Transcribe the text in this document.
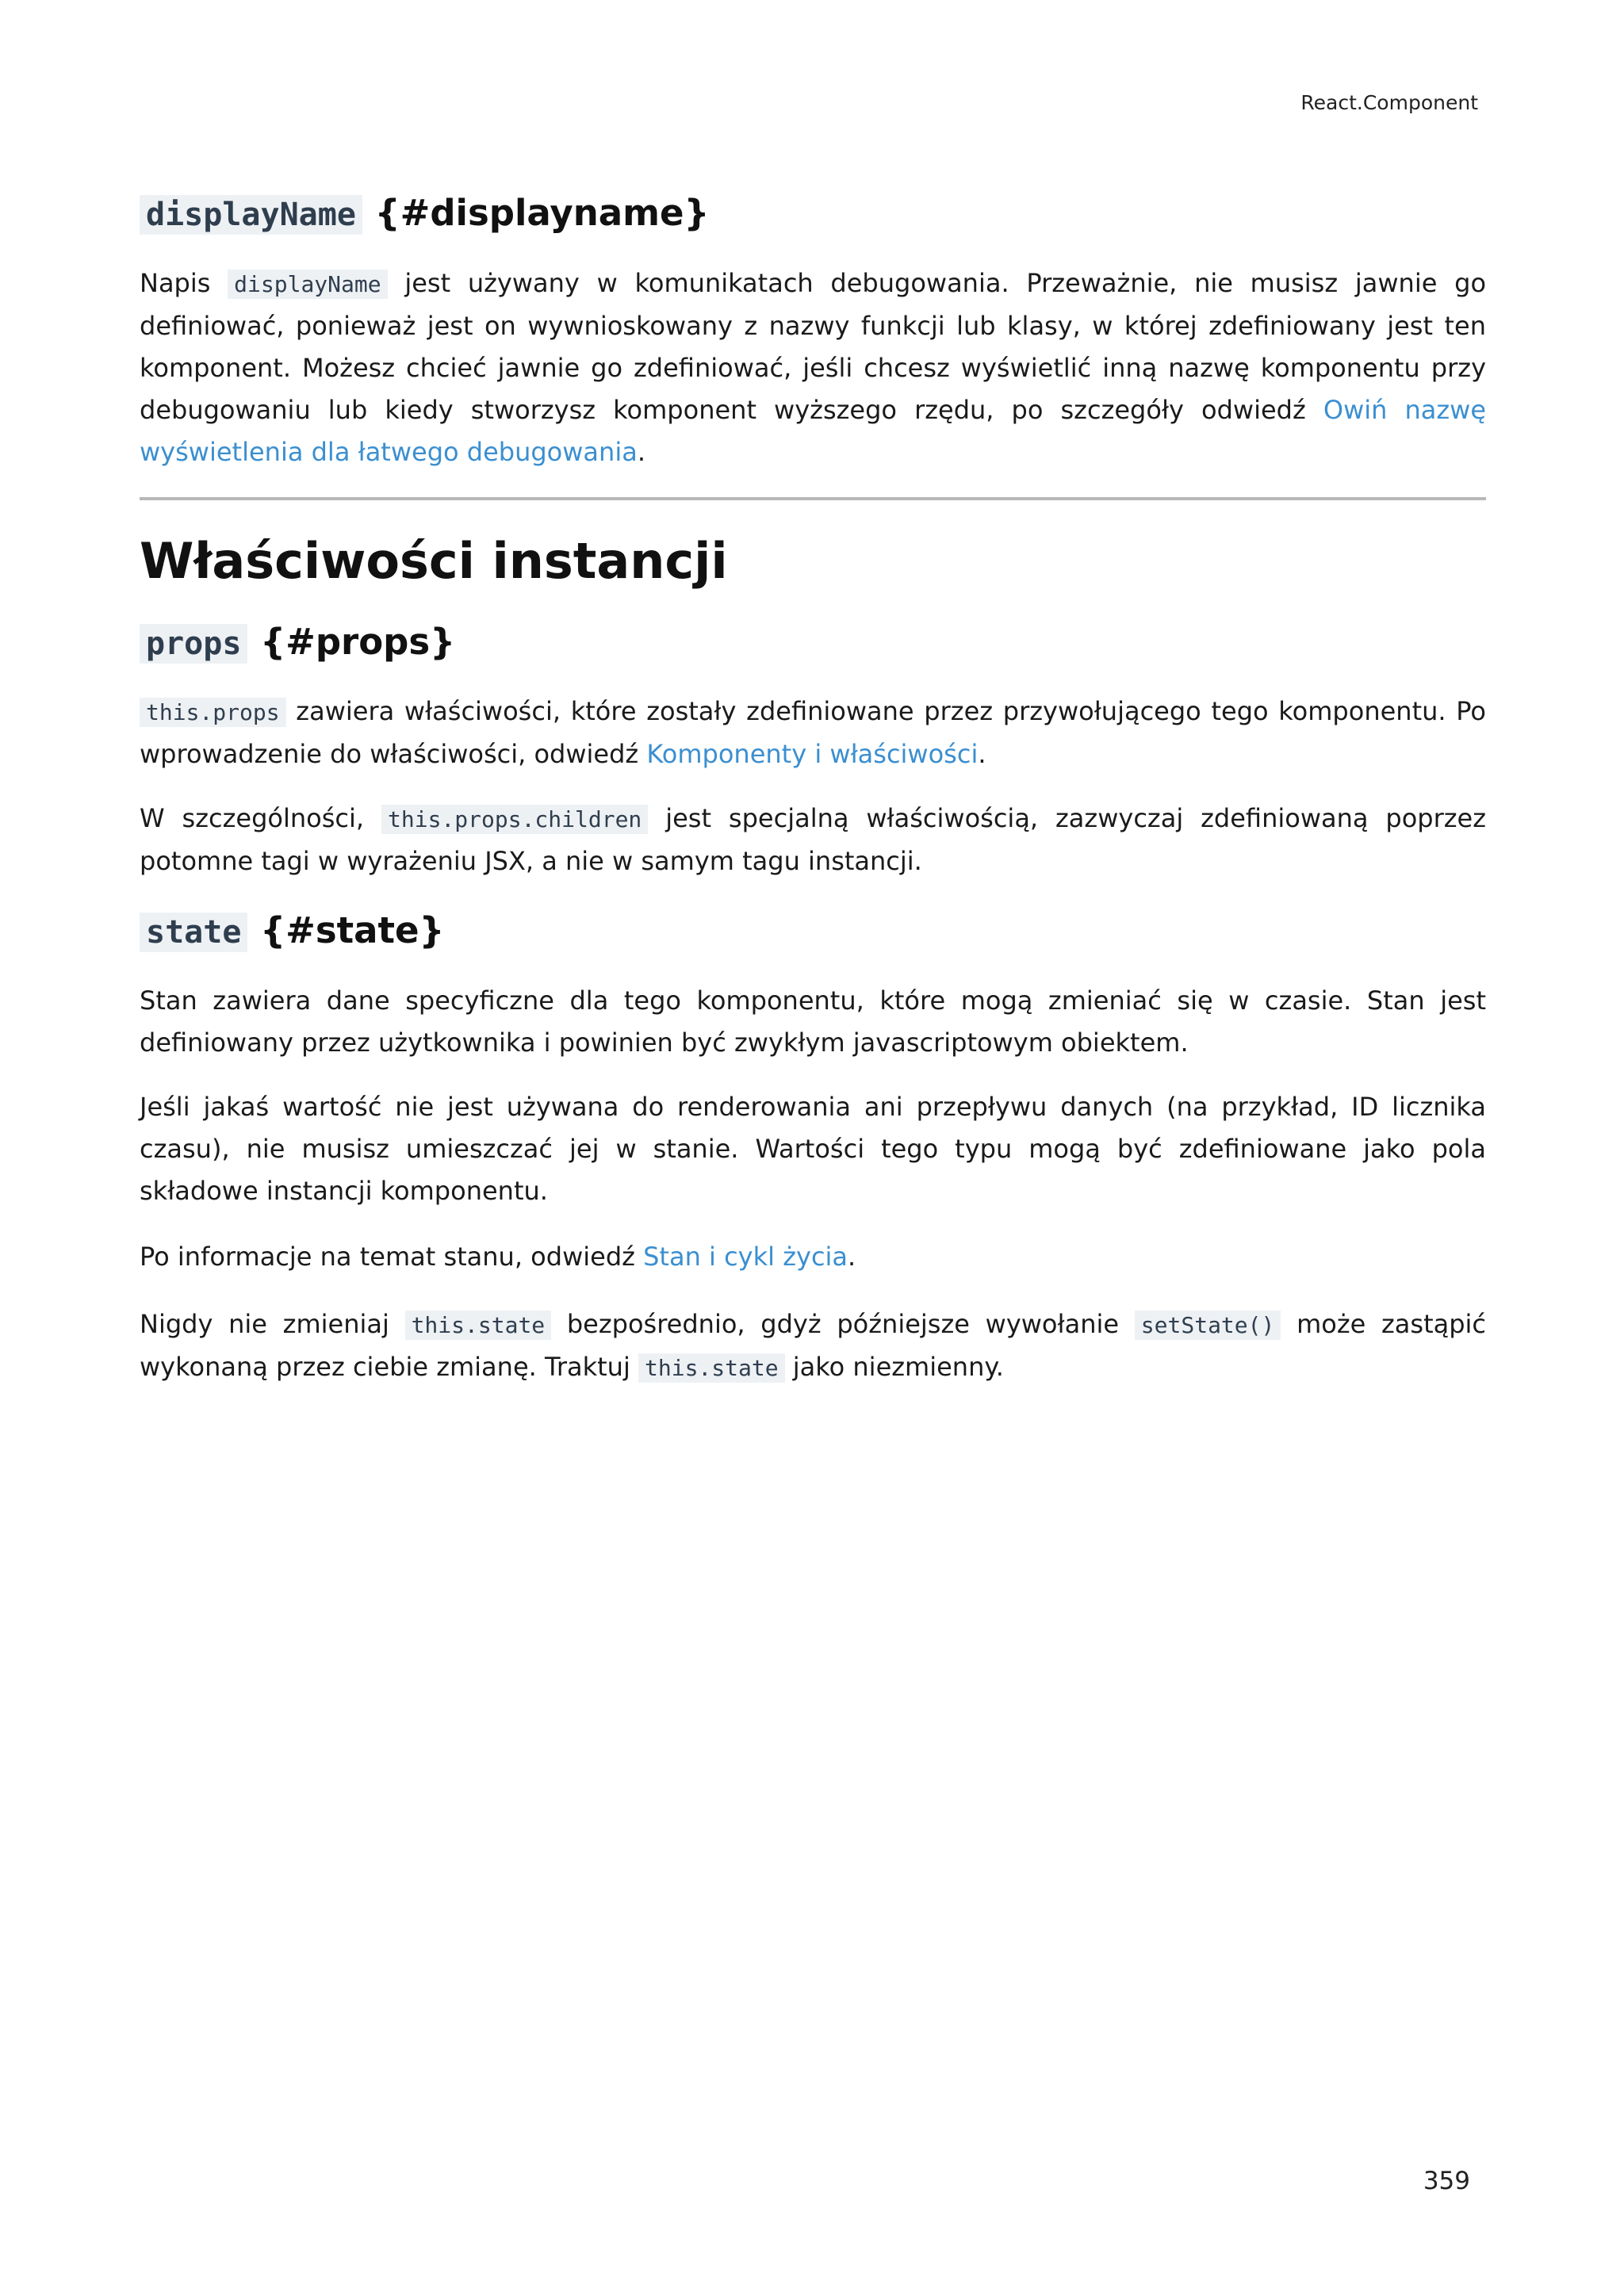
React.Component
displayName {#displayname}

Napis displayName jest używany w komunikatach debugowania. Przeważnie, nie musisz jawnie go definiować, ponieważ jest on wywnioskowany z nazwy funkcji lub klasy, w której zdefiniowany jest ten komponent. Możesz chcieć jawnie go zdefiniować, jeśli chcesz wyświetlić inną nazwę komponentu przy debugowaniu lub kiedy stworzysz komponent wyższego rzędu, po szczegóły odwiedź Owiń nazwę wyświetlenia dla łatwego debugowania.

Właściwości instancji
props {#props}

this.props zawiera właściwości, które zostały zdefiniowane przez przywołującego tego komponentu. Po wprowadzenie do właściwości, odwiedź Komponenty i właściwości.

W szczególności, this.props.children jest specjalną właściwością, zazwyczaj zdefiniowaną poprzez potomne tagi w wyrażeniu JSX, a nie w samym tagu instancji.

state {#state}

Stan zawiera dane specyficzne dla tego komponentu, które mogą zmieniać się w czasie. Stan jest definiowany przez użytkownika i powinien być zwykłym javascriptowym obiektem.

Jeśli jakaś wartość nie jest używana do renderowania ani przepływu danych (na przykład, ID licznika czasu), nie musisz umieszczać jej w stanie. Wartości tego typu mogą być zdefiniowane jako pola składowe instancji komponentu.

Po informacje na temat stanu, odwiedź Stan i cykl życia.

Nigdy nie zmieniaj this.state bezpośrednio, gdyż późniejsze wywołanie setState() może zastąpić wykonaną przez ciebie zmianę. Traktuj this.state jako niezmienny.

359
